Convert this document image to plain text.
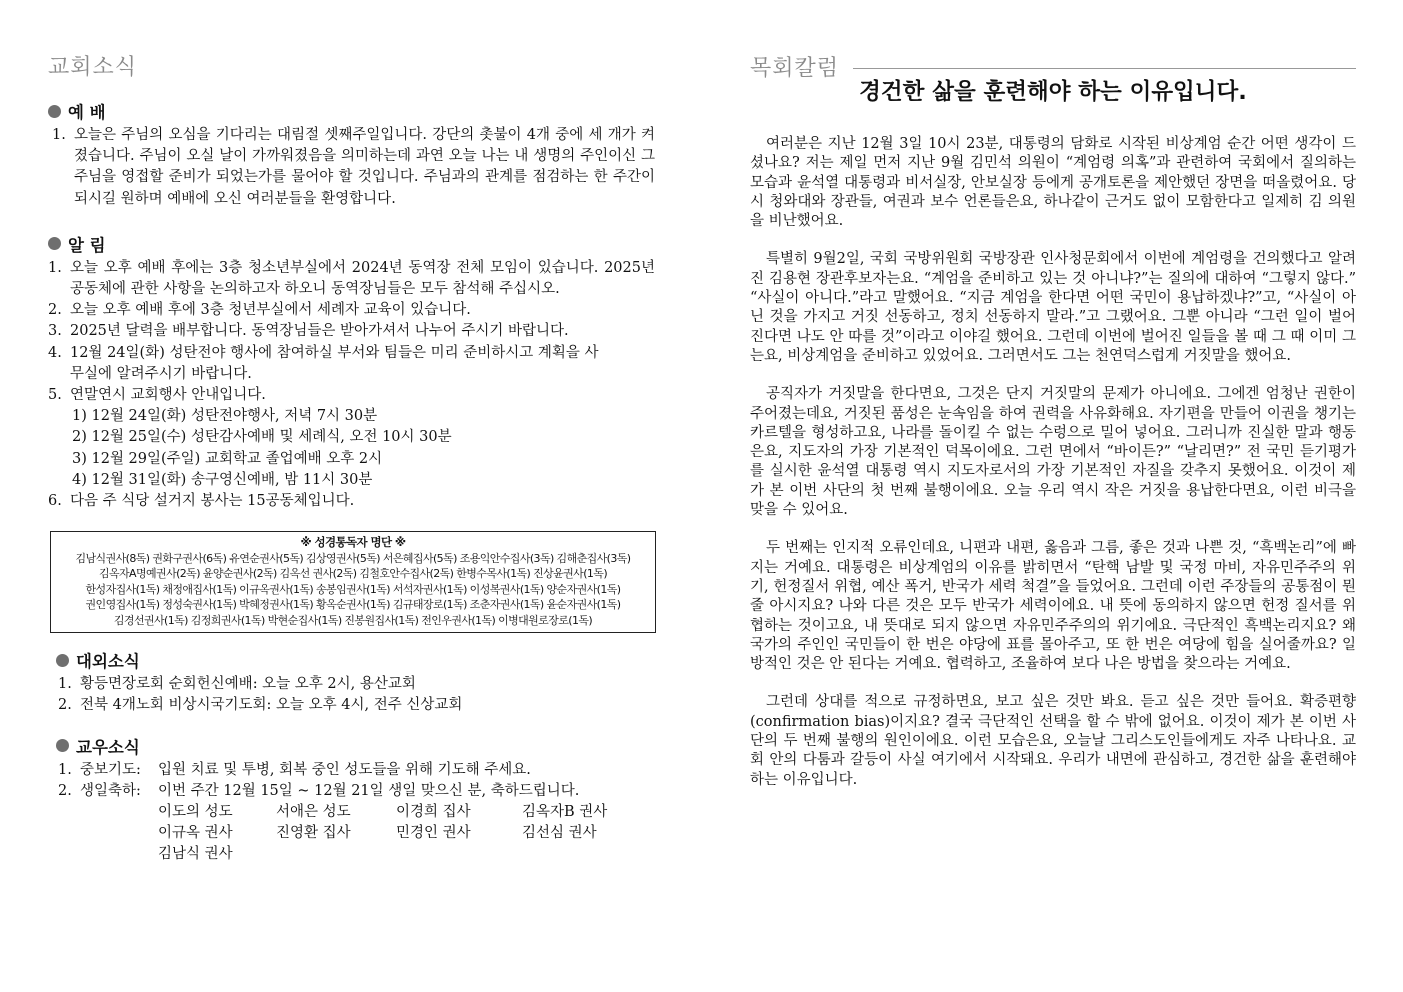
교회소식
예 배
1. 오늘은 주님의 오심을 기다리는 대림절 셋째주일입니다. 강단의 촛불이 4개 중에 세 개가 켜졌습니다. 주님이 오실 날이 가까워졌음을 의미하는데 과연 오늘 나는 내 생명의 주인이신 그 주님을 영접할 준비가 되었는가를 물어야 할 것입니다. 주님과의 관계를 점검하는 한 주간이 되시길 원하며 예배에 오신 여러분들을 환영합니다.
알 림
1. 오늘 오후 예배 후에는 3층 청소년부실에서 2024년 동역장 전체 모임이 있습니다. 2025년 공동체에 관한 사항을 논의하고자 하오니 동역장님들은 모두 참석해 주십시오.
2. 오늘 오후 예배 후에 3층 청년부실에서 세례자 교육이 있습니다.
3. 2025년 달력을 배부합니다. 동역장님들은 받아가셔서 나누어 주시기 바랍니다.
4. 12월 24일(화) 성탄전야 행사에 참여하실 부서와 팀들은 미리 준비하시고 계획을 사무실에 알려주시기 바랍니다.
5. 연말연시 교회행사 안내입니다.
1) 12월 24일(화) 성탄전야행사, 저녁 7시 30분
2) 12월 25일(수) 성탄감사예배 및 세례식, 오전 10시 30분
3) 12월 29일(주일) 교회학교 졸업예배 오후 2시
4) 12월 31일(화) 송구영신예배, 밤 11시 30분
6. 다음 주 식당 설거지 봉사는 15공동체입니다.
※ 성경통독자 명단 ※
김남식권사(8독) 권화구권사(6독) 유연순권사(5독) 김상영권사(5독) 서은혜집사(5독) 조용익안수집사(3독) 김해춘집사(3독)
김옥자A명예권사(2독) 윤양순권사(2독) 김옥선 권사(2독) 김철호안수집사(2독) 한병수목사(1독) 진상윤권사(1독)
한성자집사(1독) 채정애집사(1독) 이규옥권사(1독) 송봉임권사(1독) 서석자권사(1독) 이성복권사(1독) 양순자권사(1독)
권인영집사(1독) 정성숙권사(1독) 박혜정권사(1독) 황옥순권사(1독) 김규태장로(1독) 조춘자권사(1독) 윤순자권사(1독)
김경선권사(1독) 김정희권사(1독) 박현순집사(1독) 진봉원집사(1독) 전인우권사(1독) 이병대원로장로(1독)
대외소식
1. 황등면장로회 순회헌신예배: 오늘 오후 2시, 용산교회
2. 전북 4개노회 비상시국기도회: 오늘 오후 4시, 전주 신상교회
교우소식
1. 중보기도:	입원 치료 및 투병, 회복 중인 성도들을 위해 기도해 주세요.
2. 생일축하:	이번 주간 12월 15일 ~ 12월 21일 생일 맞으신 분, 축하드립니다.
이도의 성도	서애은 성도	이경희 집사	김옥자B 권사
이규옥 권사	진영환 집사	민경인 권사	김선심 권사
김남식 권사
목회칼럼
경건한 삶을 훈련해야 하는 이유입니다.

여러분은 지난 12월 3일 10시 23분, 대통령의 담화로 시작된 비상계엄 순간 어떤 생각이 드셨나요? 저는 제일 먼저 지난 9월 김민석 의원이 “계엄령 의혹”과 관련하여 국회에서 질의하는 모습과 윤석열 대통령과 비서실장, 안보실장 등에게 공개토론을 제안했던 장면을 떠올렸어요. 당시 청와대와 장관들, 여권과 보수 언론들은요, 하나같이 근거도 없이 모함한다고 일제히 김 의원을 비난했어요.

특별히 9월2일, 국회 국방위원회 국방장관 인사청문회에서 이번에 계엄령을 건의했다고 알려진 김용현 장관후보자는요. “계엄을 준비하고 있는 것 아니냐?”는 질의에 대하여 “그렇지 않다.” “사실이 아니다.”라고 말했어요. “지금 계엄을 한다면 어떤 국민이 용납하겠냐?”고, “사실이 아닌 것을 가지고 거짓 선동하고, 정치 선동하지 말라.”고 그랬어요. 그뿐 아니라 “그런 일이 벌어진다면 나도 안 따를 것”이라고 이야길 했어요. 그런데 이번에 벌어진 일들을 볼 때 그 때 이미 그는요, 비상계엄을 준비하고 있었어요. 그러면서도 그는 천연덕스럽게 거짓말을 했어요.

공직자가 거짓말을 한다면요, 그것은 단지 거짓말의 문제가 아니에요. 그에겐 엄청난 권한이 주어졌는데요, 거짓된 품성은 눈속임을 하여 권력을 사유화해요. 자기편을 만들어 이권을 챙기는 카르텔을 형성하고요, 나라를 돌이킬 수 없는 수렁으로 밀어 넣어요. 그러니까 진실한 말과 행동은요, 지도자의 가장 기본적인 덕목이에요. 그런 면에서 “바이든?” “날리면?” 전 국민 듣기평가를 실시한 윤석열 대통령 역시 지도자로서의 가장 기본적인 자질을 갖추지 못했어요. 이것이 제가 본 이번 사단의 첫 번째 불행이에요. 오늘 우리 역시 작은 거짓을 용납한다면요, 이런 비극을 맞을 수 있어요.

두 번째는 인지적 오류인데요, 니편과 내편, 옳음과 그름, 좋은 것과 나쁜 것, “흑백논리”에 빠지는 거예요. 대통령은 비상계엄의 이유를 밝히면서 “탄핵 남발 및 국정 마비, 자유민주주의 위기, 헌정질서 위협, 예산 폭거, 반국가 세력 척결”을 들었어요. 그런데 이런 주장들의 공통점이 뭔 줄 아시지요? 나와 다른 것은 모두 반국가 세력이에요. 내 뜻에 동의하지 않으면 헌정 질서를 위협하는 것이고요, 내 뜻대로 되지 않으면 자유민주주의의 위기에요. 극단적인 흑백논리지요? 왜 국가의 주인인 국민들이 한 번은 야당에 표를 몰아주고, 또 한 번은 여당에 힘을 실어줄까요? 일방적인 것은 안 된다는 거예요. 협력하고, 조율하여 보다 나은 방법을 찾으라는 거예요.

그런데 상대를 적으로 규정하면요, 보고 싶은 것만 봐요. 듣고 싶은 것만 들어요. 확증편향(confirmation bias)이지요? 결국 극단적인 선택을 할 수 밖에 없어요. 이것이 제가 본 이번 사단의 두 번째 불행의 원인이에요. 이런 모습은요, 오늘날 그리스도인들에게도 자주 나타나요. 교회 안의 다툼과 갈등이 사실 여기에서 시작돼요. 우리가 내면에 관심하고, 경건한 삶을 훈련해야 하는 이유입니다.
